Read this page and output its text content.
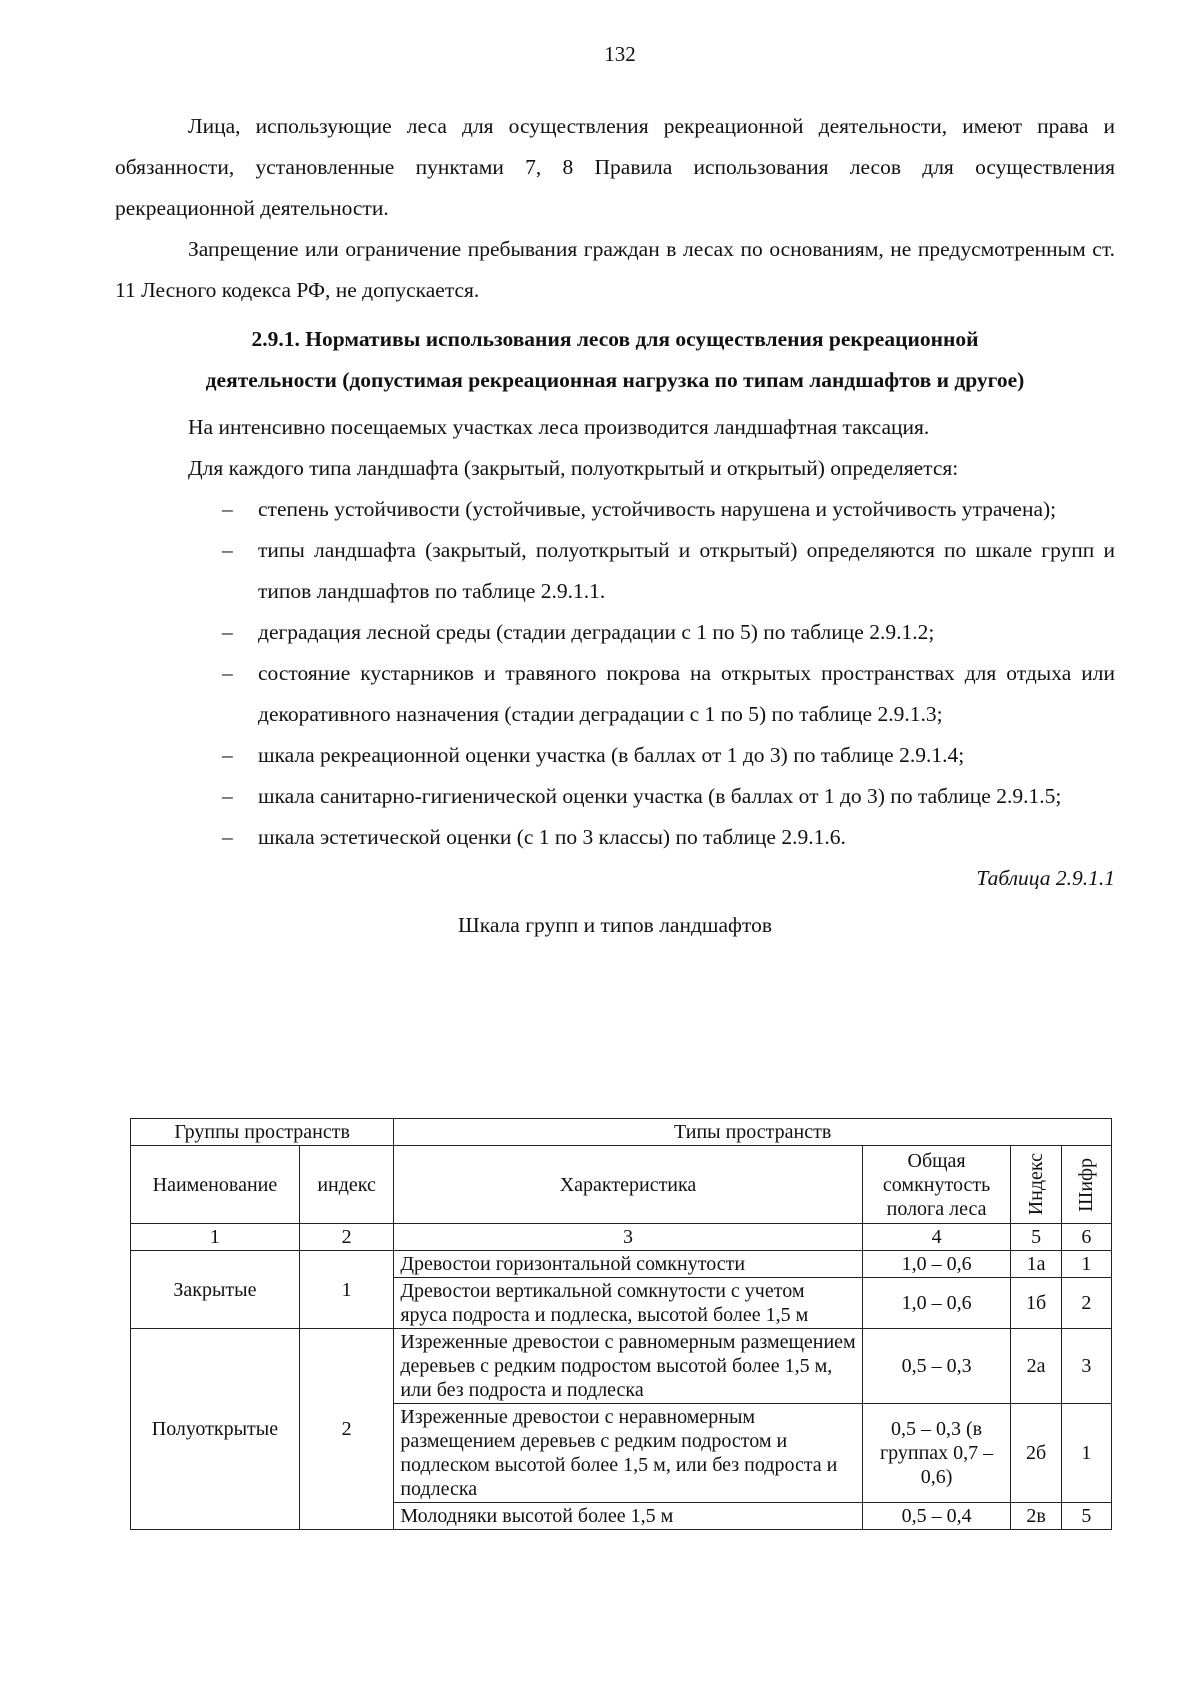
132

Лица, использующие леса для осуществления рекреационной деятельности, имеют права и обязанности, установленные пунктами 7, 8 Правила использования лесов для осуществления рекреационной деятельности.

Запрещение или ограничение пребывания граждан в лесах по основаниям, не предусмотренным ст. 11 Лесного кодекса РФ, не допускается.

2.9.1. Нормативы использования лесов для осуществления рекреационной
деятельности (допустимая рекреационная нагрузка по типам ландшафтов и другое)

На интенсивно посещаемых участках леса производится ландшафтная таксация.

Для каждого типа ландшафта (закрытый, полуоткрытый и открытый) определяется:

– степень устойчивости (устойчивые, устойчивость нарушена и устойчивость утрачена);
– типы ландшафта (закрытый, полуоткрытый и открытый) определяются по шкале групп и типов ландшафтов по таблице 2.9.1.1.
– деградация лесной среды (стадии деградации с 1 по 5) по таблице 2.9.1.2;
– состояние кустарников и травяного покрова на открытых пространствах для отдыха или декоративного назначения (стадии деградации с 1 по 5) по таблице 2.9.1.3;
– шкала рекреационной оценки участка (в баллах от 1 до 3) по таблице 2.9.1.4;
– шкала санитарно-гигиенической оценки участка (в баллах от 1 до 3) по таблице 2.9.1.5;
– шкала эстетической оценки (с 1 по 3 классы) по таблице 2.9.1.6.
Таблица 2.9.1.1
Шкала групп и типов ландшафтов
Группы пространств		Типы пространств			
Наименование	индекс	Характеристика	Общая сомкнутость полога леса	Индекс	Шифр

1	2	3	4	5	6
Закрытые	1	Древостои горизонтальной сомкнутости	1,0 – 0,6	1а	1
		Древостои вертикальной сомкнутости с учетом яруса подроста и подлеска, высотой более 1,5 м	1,0 – 0,6	1б	2
Полуоткрытые	2	Изреженные древостои с равномерным размещением деревьев с редким подростом высотой более 1,5 м, или без подроста и подлеска	0,5 – 0,3	2а	3
		Изреженные древостои с неравномерным размещением деревьев с редким подростом и подлеском высотой более 1,5 м, или без подроста и подлеска	0,5 – 0,3 (в группах 0,7 – 0,6)	2б	1
		Молодняки высотой более 1,5 м	0,5 – 0,4	2в	5
